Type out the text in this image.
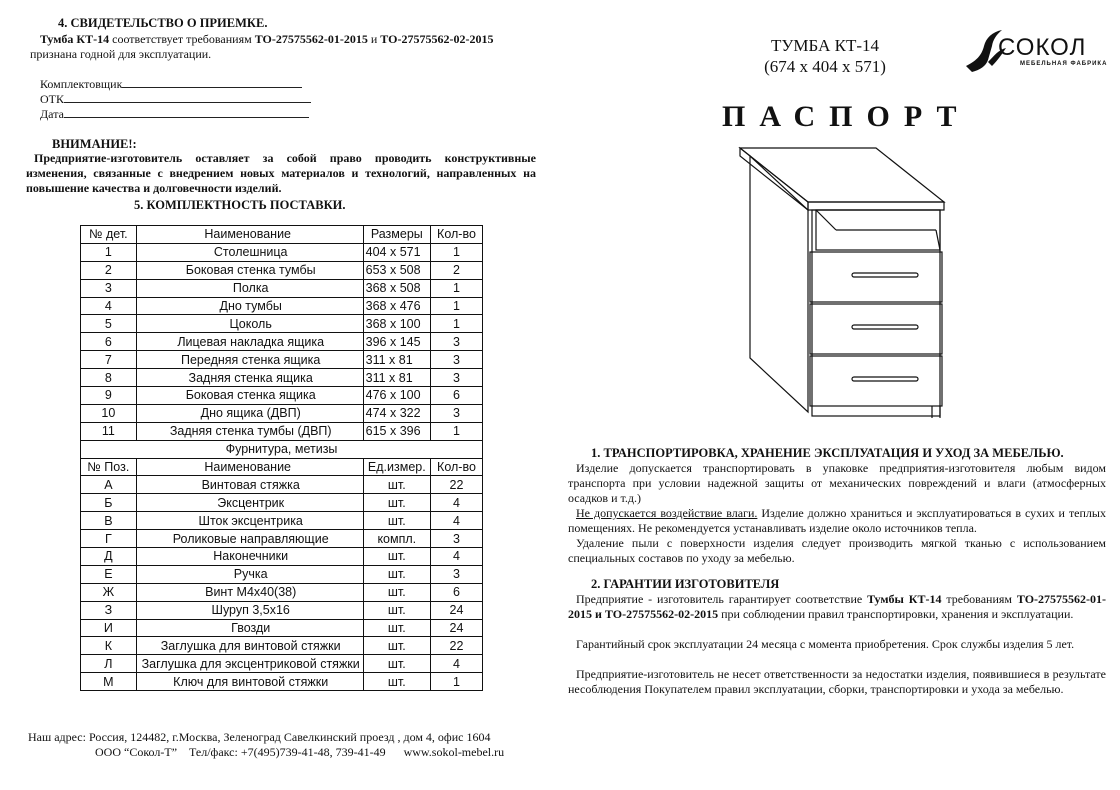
4. СВИДЕТЕЛЬСТВО О ПРИЕМКЕ.
Тумба КТ-14 соответствует требованиям ТО-27575562-01-2015 и ТО-27575562-02-2015
признана годной для эксплуатации.
Комплектовщик
ОТК
Дата
ВНИМАНИЕ!:
Предприятие-изготовитель оставляет за собой право проводить конструктивные изменения, связанные с внедрением новых материалов и технологий, направленных на повышение качества и долговечности изделий.
5. КОМПЛЕКТНОСТЬ ПОСТАВКИ.
№ дет.	Наименование	Размеры	Кол-во
1	Столешница	404 x 571	1
2	Боковая стенка тумбы	653 x 508	2
3	Полка	368 x 508	1
4	Дно тумбы	368 x 476	1
5	Цоколь	368 x 100	1
6	Лицевая накладка ящика	396 x 145	3
7	Передняя стенка ящика	311 x 81	3
8	Задняя стенка ящика	311 x 81	3
9	Боковая стенка ящика	476 x 100	6
10	Дно ящика (ДВП)	474 x 322	3
11	Задняя стенка тумбы (ДВП)	615 x 396	1
Фурнитура, метизы			
№ Поз.	Наименование	Ед.измер.	Кол-во
А	Винтовая стяжка	шт.	22
Б	Эксцентрик	шт.	4
В	Шток эксцентрика	шт.	4
Г	Роликовые направляющие	компл.	3
Д	Наконечники	шт.	4
Е	Ручка	шт.	3
Ж	Винт М4х40(38)	шт.	6
З	Шуруп 3,5х16	шт.	24
И	Гвозди	шт.	24
К	Заглушка для винтовой стяжки	шт.	22
Л	Заглушка для эксцентриковой стяжки	шт.	4
М	Ключ для винтовой стяжки	шт.	1
Наш адрес: Россия, 124482, г.Москва, Зеленоград Савелкинский проезд , дом 4, офис 1604
ООО “Сокол-Т”    Тел/факс: +7(495)739-41-48, 739-41-49      www.sokol-mebel.ru
ТУМБА КТ-14
(674 x 404 x 571)
СОКОЛ
МЕБЕЛЬНАЯ ФАБРИКА
ПАСПОРТ
1. ТРАНСПОРТИРОВКА, ХРАНЕНИЕ ЭКСПЛУАТАЦИЯ И УХОД ЗА МЕБЕЛЬЮ.
Изделие допускается транспортировать в упаковке предприятия-изготовителя любым видом транспорта при условии надежной защиты от механических повреждений и влаги (атмосферных осадков и т.д.)
Не допускается воздействие влаги. Изделие должно храниться и эксплуатироваться в сухих и теплых помещениях. Не рекомендуется устанавливать изделие около источников тепла.
Удаление пыли с поверхности изделия следует производить мягкой тканью с использованием специальных составов по уходу за мебелью.
2. ГАРАНТИИ ИЗГОТОВИТЕЛЯ
Предприятие - изготовитель гарантирует соответствие Тумбы КТ-14 требованиям ТО-27575562-01-2015 и ТО-27575562-02-2015 при соблюдении правил транспортировки, хранения и эксплуатации.
Гарантийный срок эксплуатации 24 месяца с момента приобретения. Срок службы изделия 5 лет.
Предприятие-изготовитель не несет ответственности за недостатки изделия, появившиеся в результате несоблюдения Покупателем правил эксплуатации, сборки, транспортировки и ухода за мебелью.
